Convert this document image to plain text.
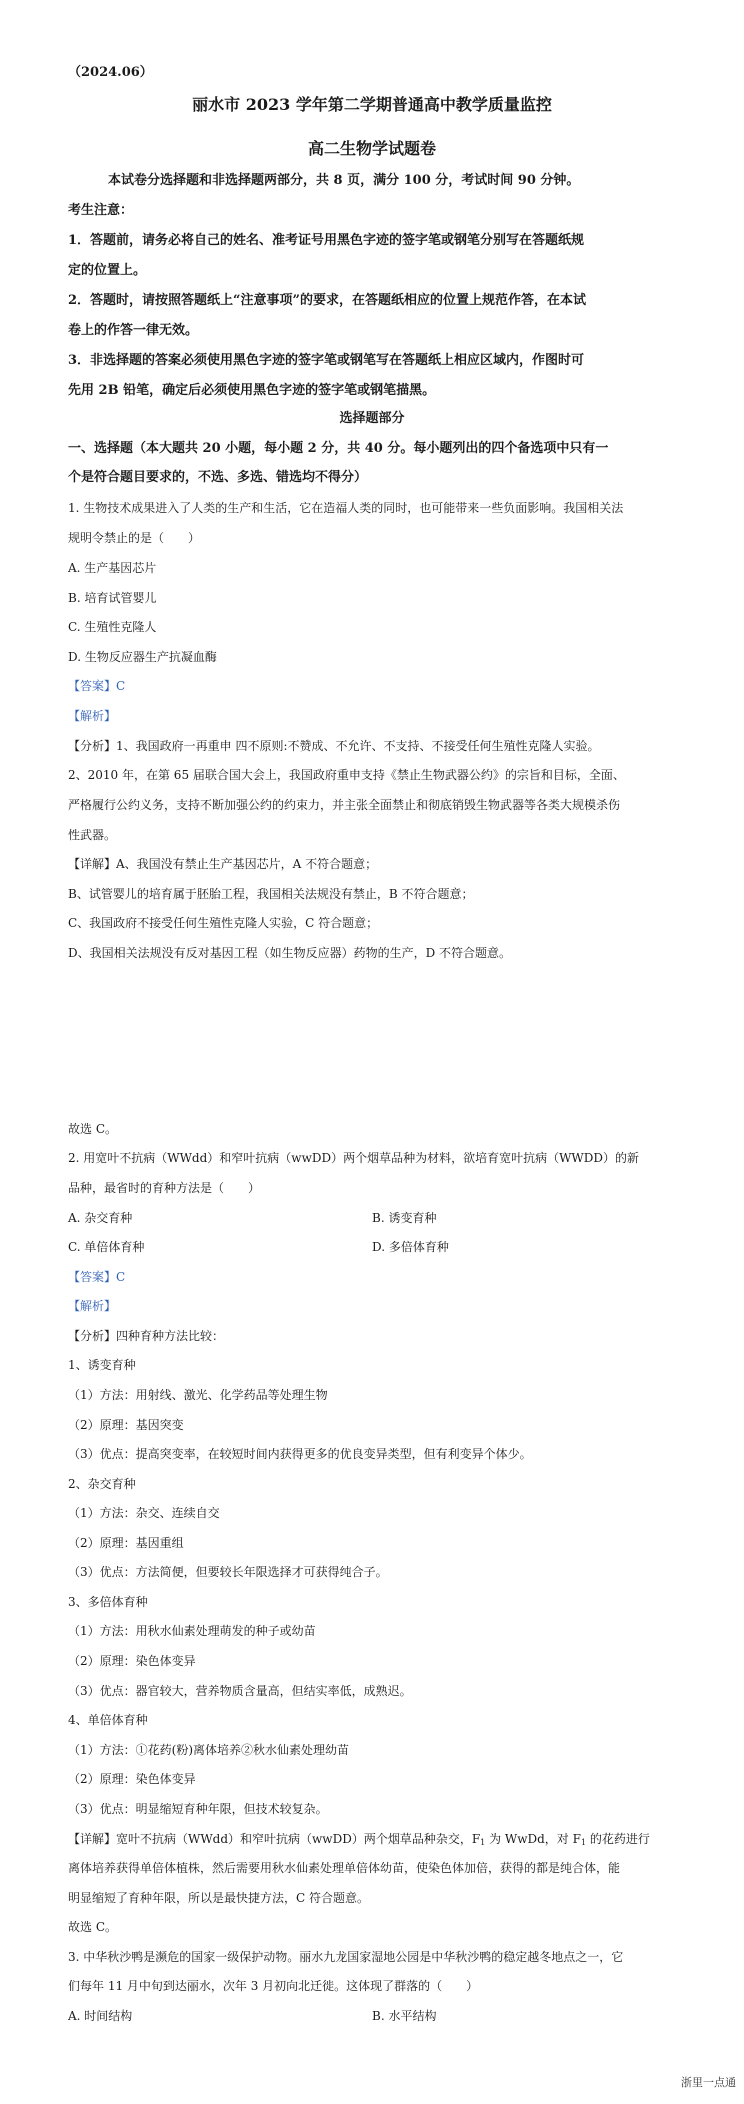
（2024.06）
丽水市 2023 学年第二学期普通高中教学质量监控
高二生物学试题卷
本试卷分选择题和非选择题两部分，共 8 页，满分 100 分，考试时间 90 分钟。
考生注意：
1．答题前，请务必将自己的姓名、准考证号用黑色字迹的签字笔或钢笔分别写在答题纸规
定的位置上。
2．答题时，请按照答题纸上“注意事项”的要求，在答题纸相应的位置上规范作答，在本试
卷上的作答一律无效。
3．非选择题的答案必须使用黑色字迹的签字笔或钢笔写在答题纸上相应区域内，作图时可
先用 2B 铅笔，确定后必须使用黑色字迹的签字笔或钢笔描黑。
选择题部分
一、选择题（本大题共 20 小题，每小题 2 分，共 40 分。每小题列出的四个备选项中只有一
个是符合题目要求的，不选、多选、错选均不得分）
1. 生物技术成果进入了人类的生产和生活，它在造福人类的同时，也可能带来一些负面影响。我国相关法
规明令禁止的是（　　）
A. 生产基因芯片
B. 培育试管婴儿
C. 生殖性克隆人
D. 生物反应器生产抗凝血酶
【答案】C
【解析】
【分析】1、我国政府一再重申 四不原则:不赞成、不允许、不支持、不接受任何生殖性克隆人实验。
2、2010 年，在第 65 届联合国大会上，我国政府重申支持《禁止生物武器公约》的宗旨和目标，全面、
严格履行公约义务，支持不断加强公约的约束力，并主张全面禁止和彻底销毁生物武器等各类大规模杀伤
性武器。
【详解】A、我国没有禁止生产基因芯片，A 不符合题意；
B、试管婴儿的培育属于胚胎工程，我国相关法规没有禁止，B 不符合题意；
C、我国政府不接受任何生殖性克隆人实验，C 符合题意；
D、我国相关法规没有反对基因工程（如生物反应器）药物的生产，D 不符合题意。
故选 C。
2. 用宽叶不抗病（WWdd）和窄叶抗病（wwDD）两个烟草品种为材料，欲培育宽叶抗病（WWDD）的新
品种，最省时的育种方法是（　　）
A. 杂交育种	B. 诱变育种
C. 单倍体育种	D. 多倍体育种
【答案】C
【解析】
【分析】四种育种方法比较：
1、诱变育种
（1）方法：用射线、激光、化学药品等处理生物
（2）原理：基因突变
（3）优点：提高突变率，在较短时间内获得更多的优良变异类型，但有利变异个体少。
2、杂交育种
（1）方法：杂交、连续自交
（2）原理：基因重组
（3）优点：方法简便，但要较长年限选择才可获得纯合子。
3、多倍体育种
（1）方法：用秋水仙素处理萌发的种子或幼苗
（2）原理：染色体变异
（3）优点：器官较大，营养物质含量高，但结实率低，成熟迟。
4、单倍体育种
（1）方法：①花药(粉)离体培养②秋水仙素处理幼苗
（2）原理：染色体变异
（3）优点：明显缩短育种年限，但技术较复杂。
【详解】宽叶不抗病（WWdd）和窄叶抗病（wwDD）两个烟草品种杂交，$F_1$ 为 WwDd，对 $F_1$ 的花药进行
离体培养获得单倍体植株，然后需要用秋水仙素处理单倍体幼苗，使染色体加倍，获得的都是纯合体，能
明显缩短了育种年限，所以是最快捷方法，C 符合题意。
故选 C。
3. 中华秋沙鸭是濒危的国家一级保护动物。丽水九龙国家湿地公园是中华秋沙鸭的稳定越冬地点之一，它
们每年 11 月中旬到达丽水，次年 3 月初向北迁徙。这体现了群落的（　　）
A. 时间结构	B. 水平结构
浙里一点通
